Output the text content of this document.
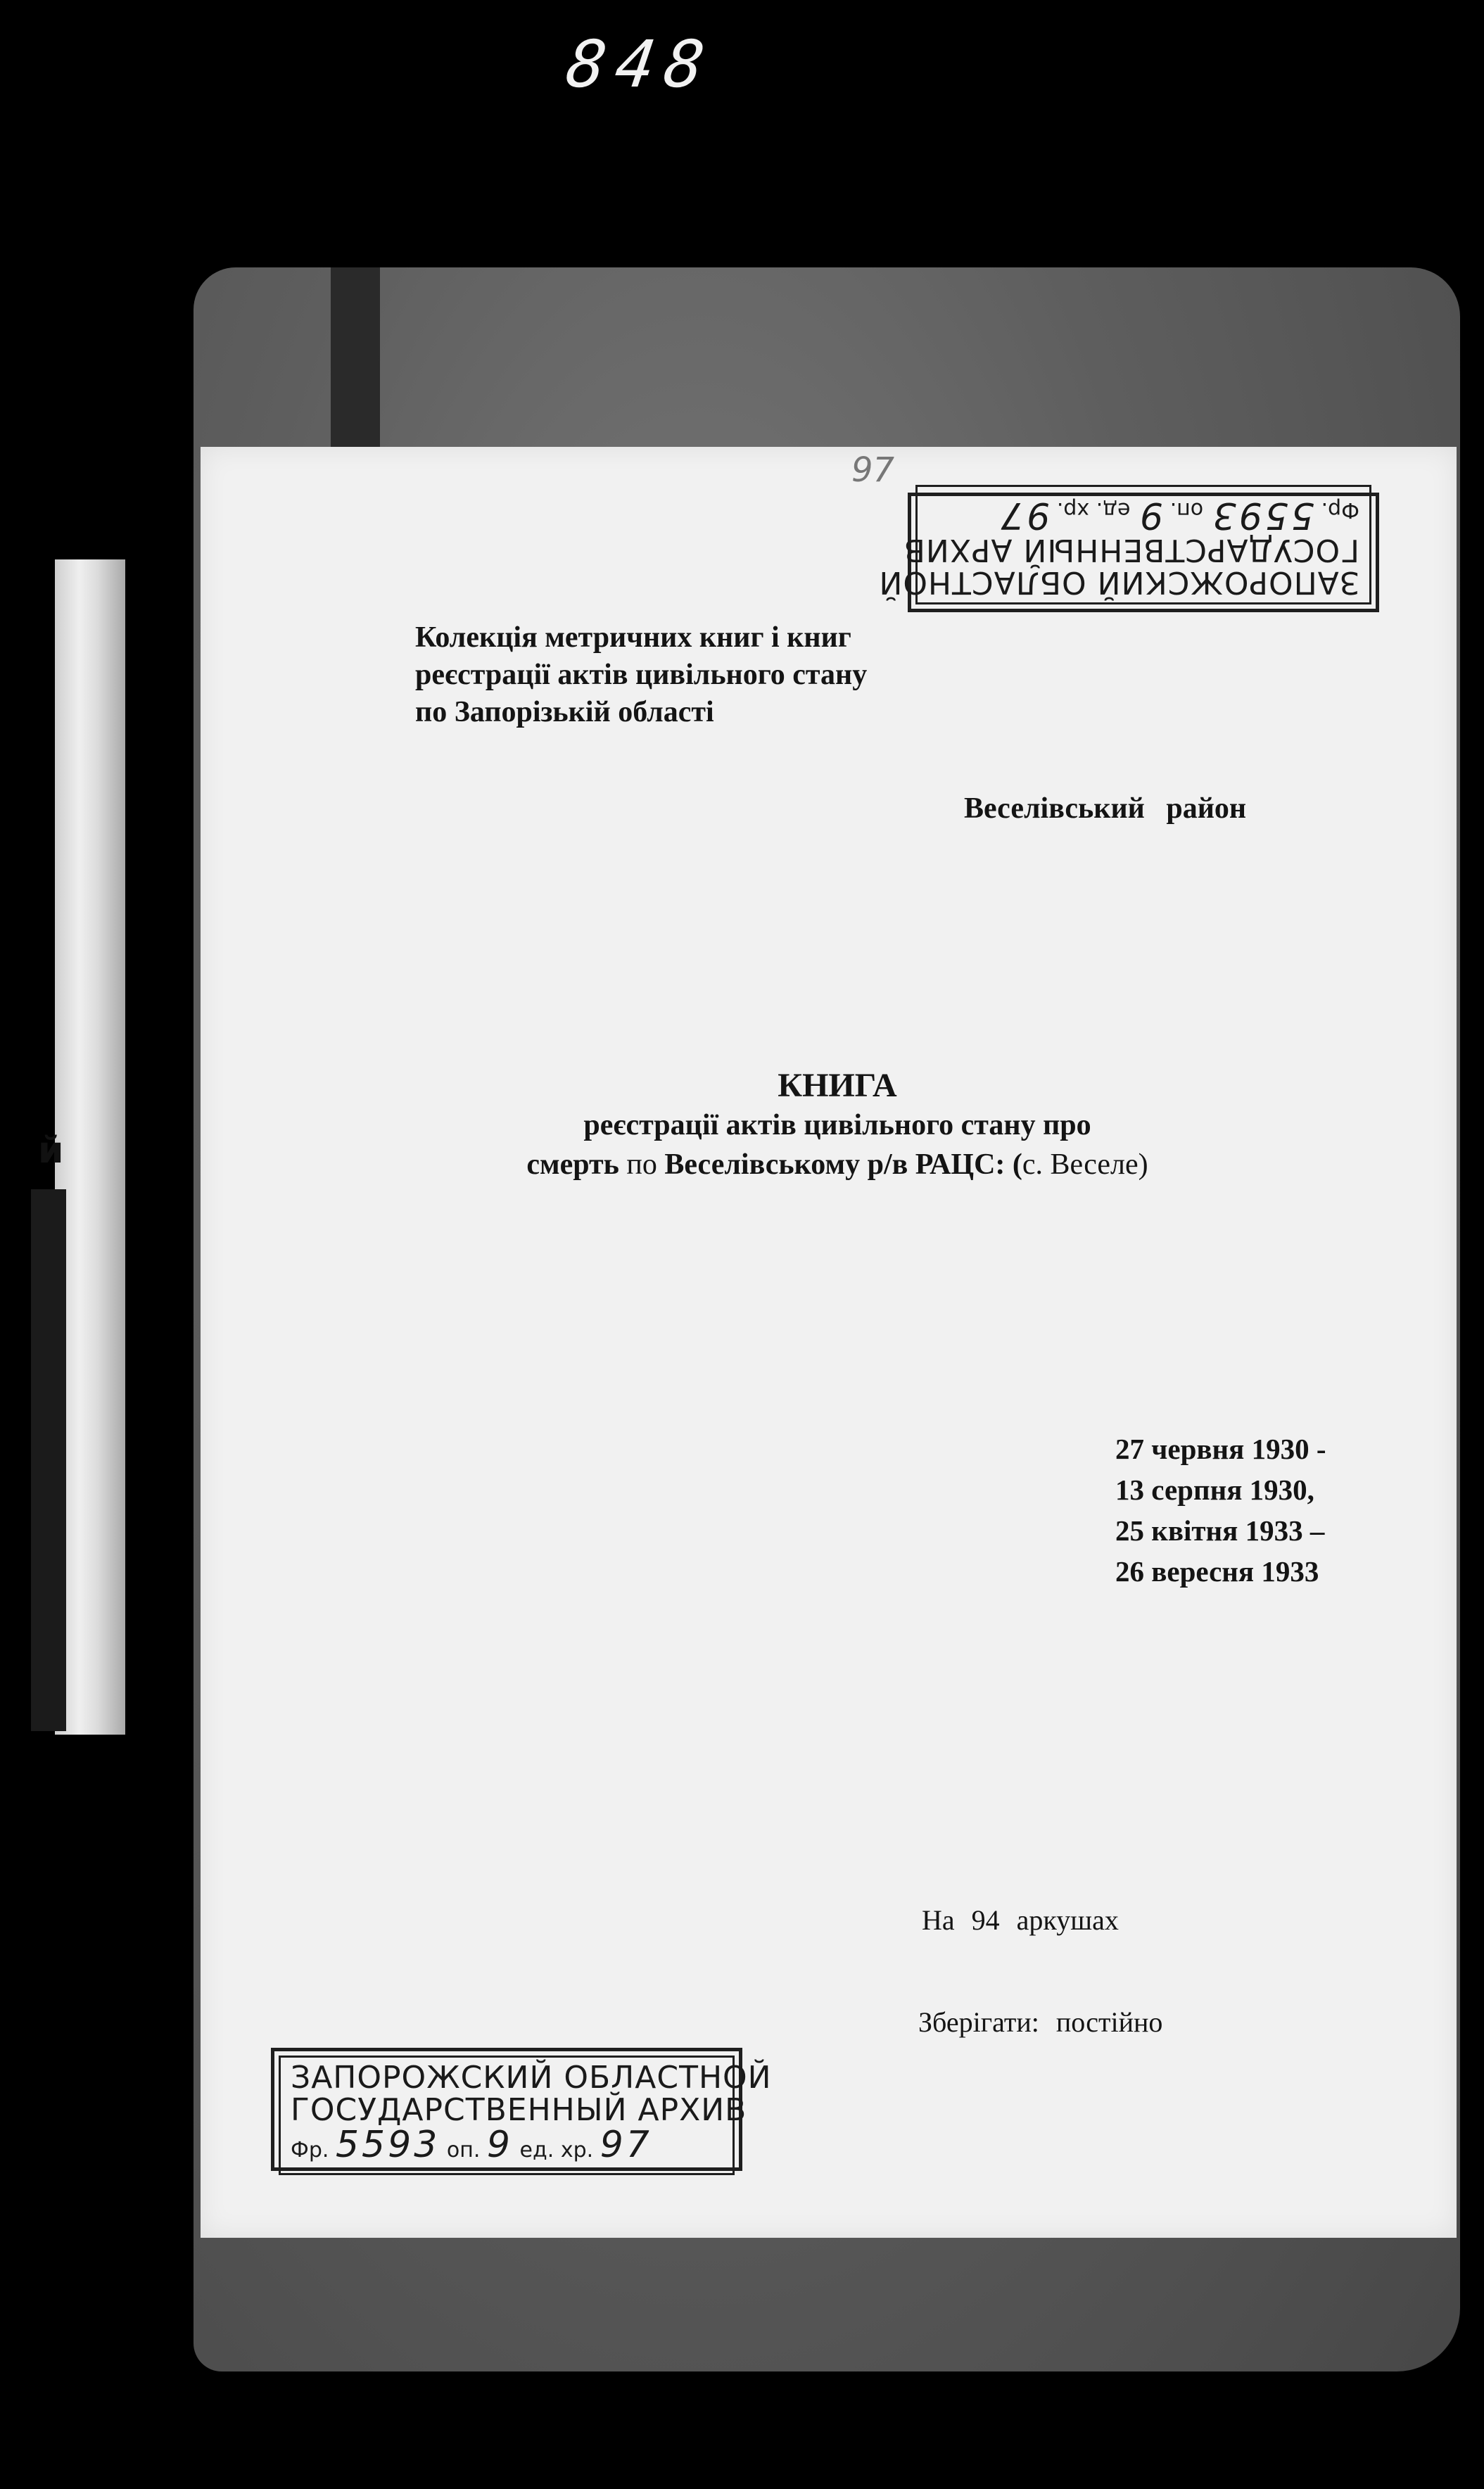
848
й
97
ЗАПОРОЖСКИЙ ОБЛАСТНОЙ
ГОСУДАРСТВЕННЫЙ АРХИВ
Фр. 5593 оп. 9 ед. хр. 97
Колекція метричних книг і книг
реєстрації актів цивільного стану
по Запорізькій області
Веселівський район
КНИГА
реєстрації актів цивільного стану про
смерть по Веселівському р/в РАЦС: (с. Веселе)
27 червня 1930 -
13 серпня 1930,
25 квітня 1933 –
26 вересня 1933
На 94 аркушах
Зберігати: постійно
ЗАПОРОЖСКИЙ ОБЛАСТНОЙ
ГОСУДАРСТВЕННЫЙ АРХИВ
Фр. 5593 оп. 9 ед. хр. 97
